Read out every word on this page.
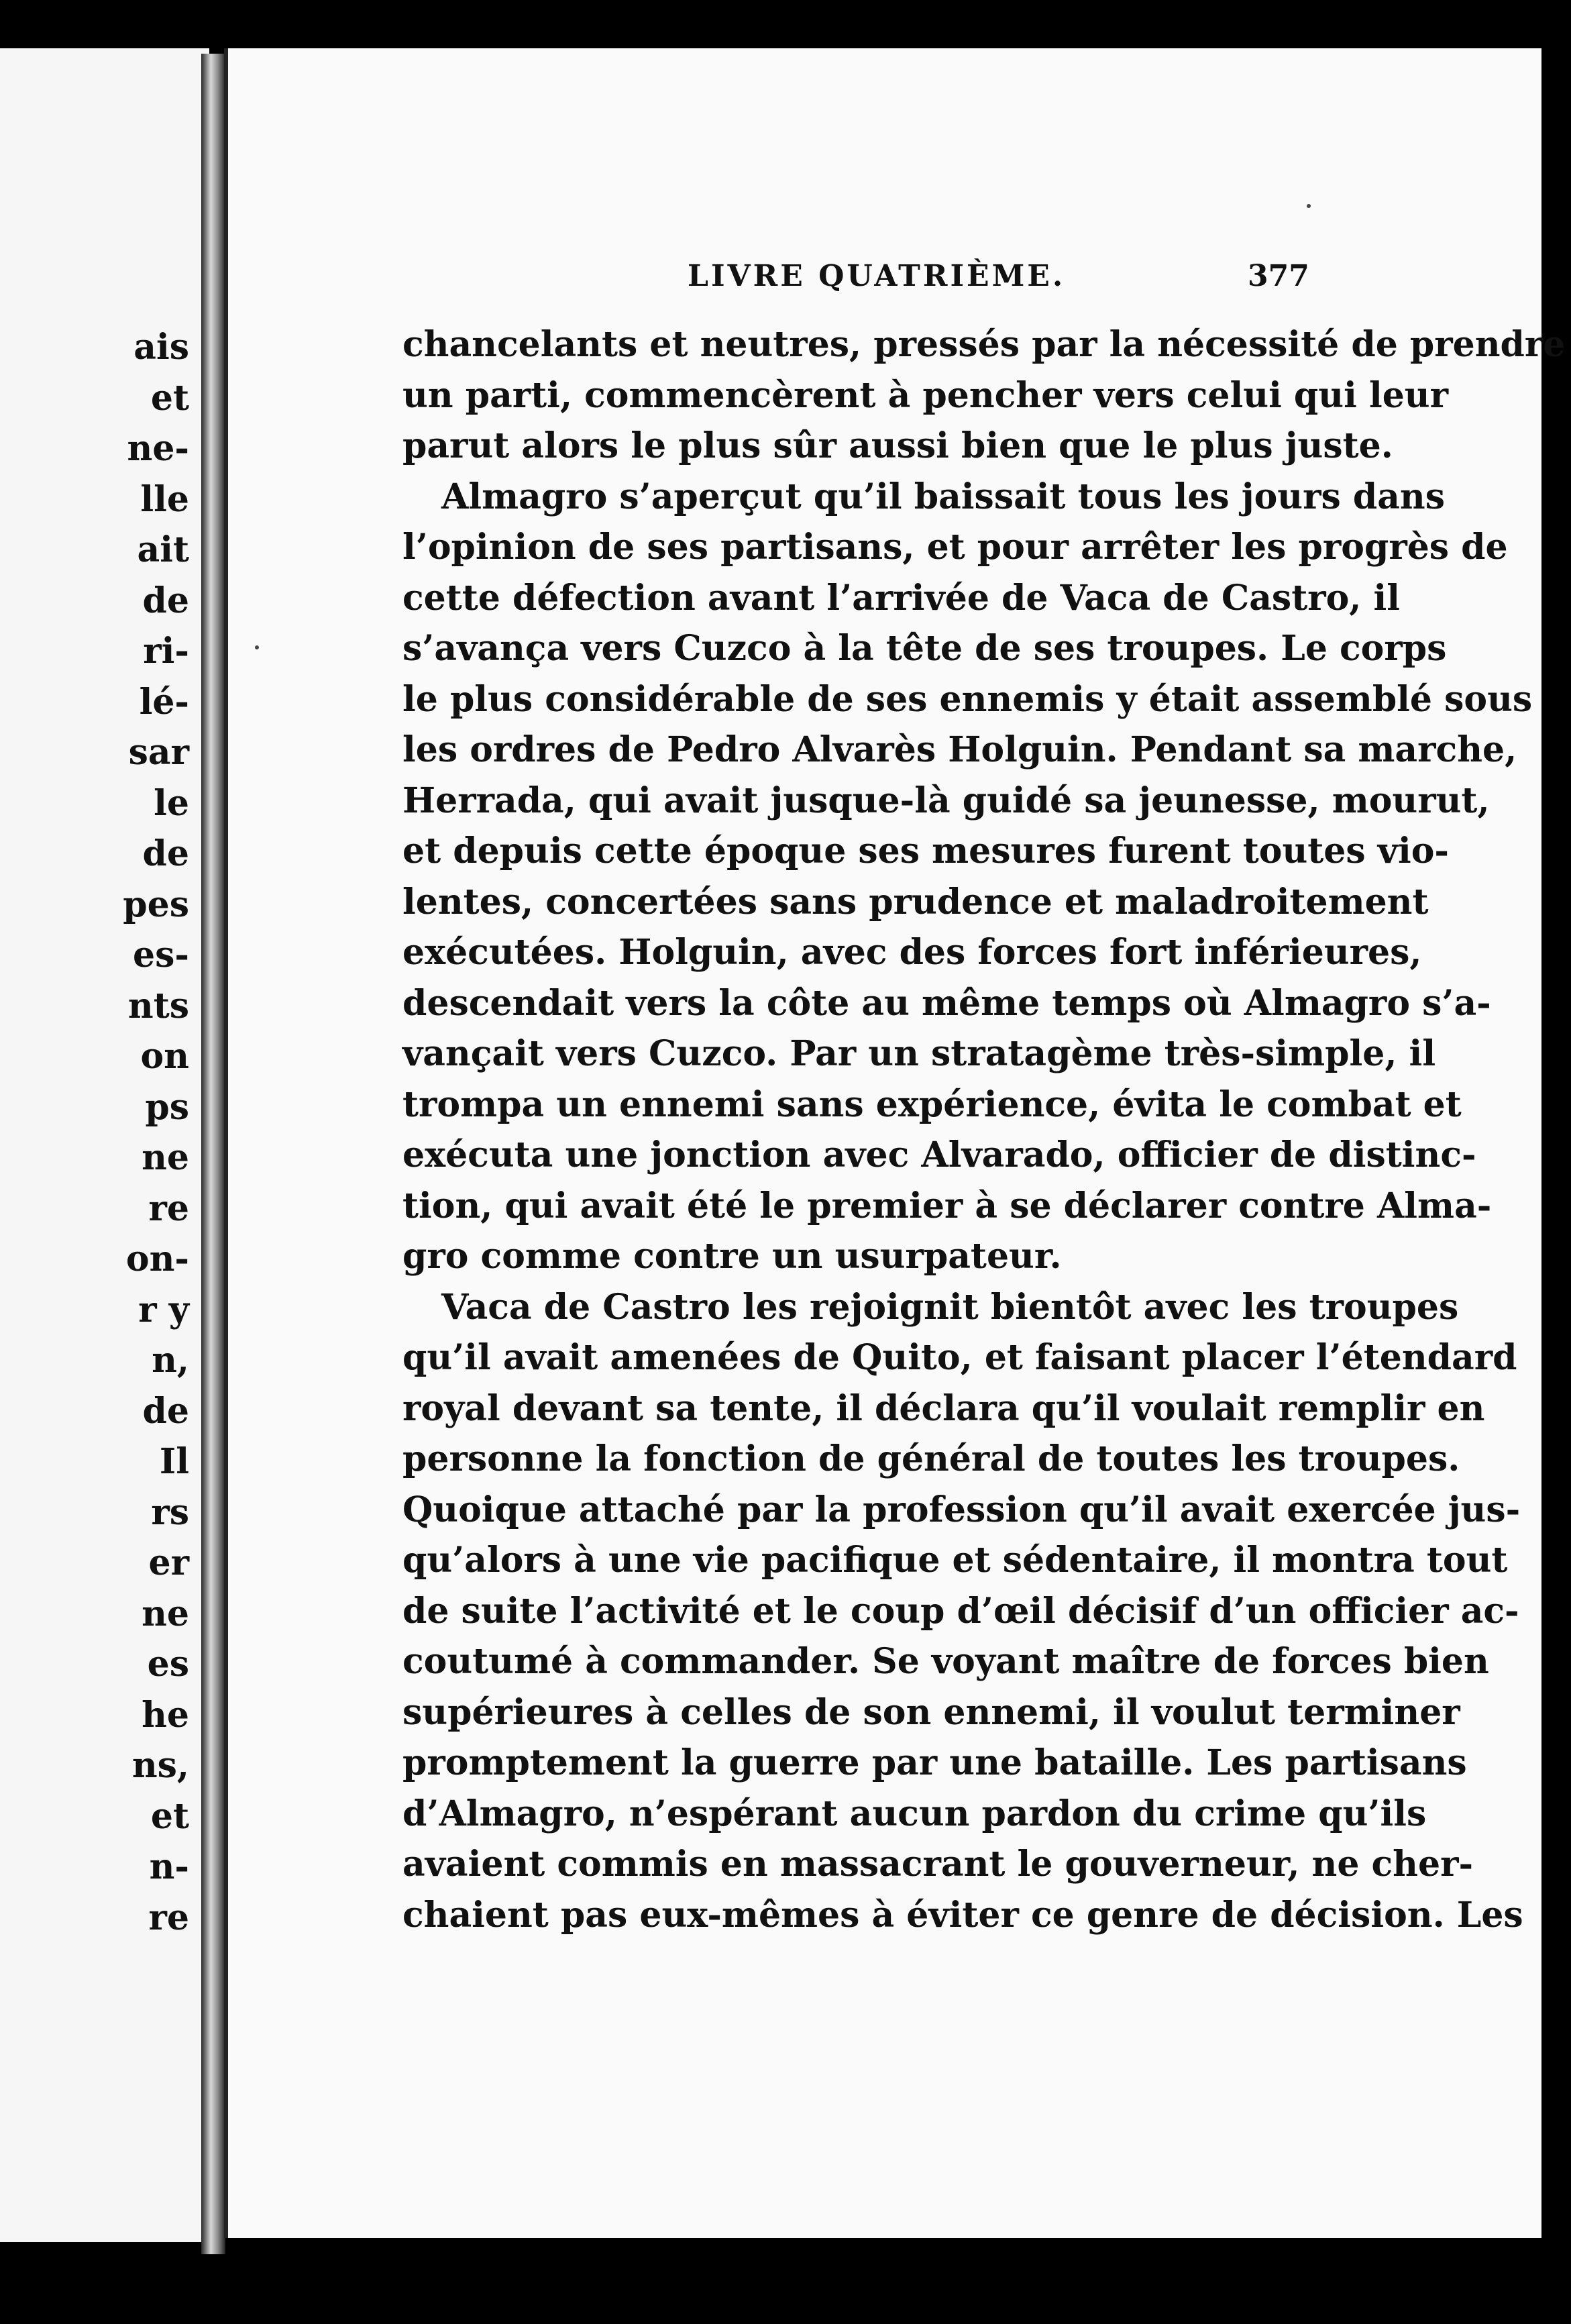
ais
et
ne-
lle
ait
de
ri-
lé-
sar
le
de
pes
es-
nts
on
ps
ne
re
on-
r y
n,
de
Il
rs
er
ne
es
he
ns,
et
n-
re
LIVRE QUATRIÈME.	377
chancelants et neutres, pressés par la nécessité de prendre
un parti, commencèrent à pencher vers celui qui leur
parut alors le plus sûr aussi bien que le plus juste.
Almagro s’aperçut qu’il baissait tous les jours dans
l’opinion de ses partisans, et pour arrêter les progrès de
cette défection avant l’arrivée de Vaca de Castro, il
s’avança vers Cuzco à la tête de ses troupes. Le corps
le plus considérable de ses ennemis y était assemblé sous
les ordres de Pedro Alvarès Holguin. Pendant sa marche,
Herrada, qui avait jusque-là guidé sa jeunesse, mourut,
et depuis cette époque ses mesures furent toutes vio-
lentes, concertées sans prudence et maladroitement
exécutées. Holguin, avec des forces fort inférieures,
descendait vers la côte au même temps où Almagro s’a-
vançait vers Cuzco. Par un stratagème très-simple, il
trompa un ennemi sans expérience, évita le combat et
exécuta une jonction avec Alvarado, officier de distinc-
tion, qui avait été le premier à se déclarer contre Alma-
gro comme contre un usurpateur.
Vaca de Castro les rejoignit bientôt avec les troupes
qu’il avait amenées de Quito, et faisant placer l’étendard
royal devant sa tente, il déclara qu’il voulait remplir en
personne la fonction de général de toutes les troupes.
Quoique attaché par la profession qu’il avait exercée jus-
qu’alors à une vie pacifique et sédentaire, il montra tout
de suite l’activité et le coup d’œil décisif d’un officier ac-
coutumé à commander. Se voyant maître de forces bien
supérieures à celles de son ennemi, il voulut terminer
promptement la guerre par une bataille. Les partisans
d’Almagro, n’espérant aucun pardon du crime qu’ils
avaient commis en massacrant le gouverneur, ne cher-
chaient pas eux-mêmes à éviter ce genre de décision. Les
